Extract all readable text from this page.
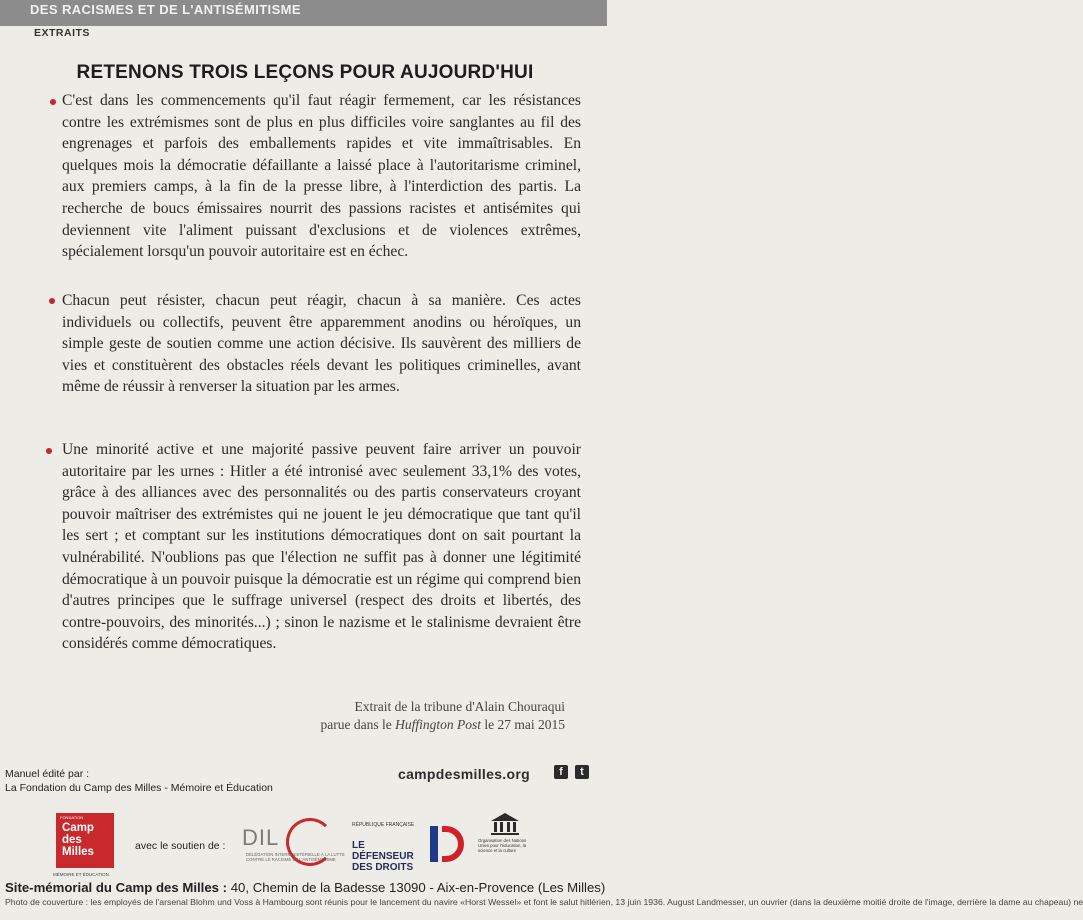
DES RACISMES ET DE L'ANTISÉMITISME
EXTRAITS
RETENONS TROIS LEÇONS POUR AUJOURD'HUI

C'est dans les commencements qu'il faut réagir fermement, car les résistances contre les extrémismes sont de plus en plus difficiles voire sanglantes au fil des engrenages et parfois des emballements rapides et vite immaîtrisables. En quelques mois la démocratie défaillante a laissé place à l'autoritarisme criminel, aux premiers camps, à la fin de la presse libre, à l'interdiction des partis. La recherche de boucs émissaires nourrit des passions racistes et antisémites qui deviennent vite l'aliment puissant d'exclusions et de violences extrêmes, spécialement lorsqu'un pouvoir autoritaire est en échec.

Chacun peut résister, chacun peut réagir, chacun à sa manière. Ces actes individuels ou collectifs, peuvent être apparemment anodins ou héroïques, un simple geste de soutien comme une action décisive. Ils sauvèrent des milliers de vies et constituèrent des obstacles réels devant les politiques criminelles, avant même de réussir à renverser la situation par les armes.

Une minorité active et une majorité passive peuvent faire arriver un pouvoir autoritaire par les urnes : Hitler a été intronisé avec seulement 33,1% des votes, grâce à des alliances avec des personnalités ou des partis conservateurs croyant pouvoir maîtriser des extrémistes qui ne jouent le jeu démocratique que tant qu'il les sert ; et comptant sur les institutions démocratiques dont on sait pourtant la vulnérabilité. N'oublions pas que l'élection ne suffit pas à donner une légitimité démocratique à un pouvoir puisque la démocratie est un régime qui comprend bien d'autres principes que le suffrage universel (respect des droits et libertés, des contre-pouvoirs, des minorités...) ; sinon le nazisme et le stalinisme devraient être considérés comme démocratiques.

Extrait de la tribune d'Alain Chouraqui
parue dans le Huffington Post le 27 mai 2015
Manuel édité par :
La Fondation du Camp des Milles - Mémoire et Éducation
campdesmilles.org	f	t
FONDATION
Camp des Milles
MÉMOIRE ET ÉDUCATION
avec le soutien de : DIL
DÉLÉGATION INTERMINISTÉRIELLE À LA LUTTE CONTRE LE RACISME ET L'ANTISÉMITISME
RÉPUBLIQUE FRANÇAISE
LE DÉFENSEUR DES DROITS
Organisation des Nations Unies pour l'éducation, la science et la culture
Site-mémorial du Camp des Milles : 40, Chemin de la Badesse 13090 - Aix-en-Provence (Les Milles)
Photo de couverture : les employés de l'arsenal Blohm und Voss à Hambourg sont réunis pour le lancement du navire «Horst Wessel» et font le salut hitlérien, 13 juin 1936. August Landmesser, un ouvrier (dans la deuxième moitié droite de l'image, derrière la dame au chapeau) ne
